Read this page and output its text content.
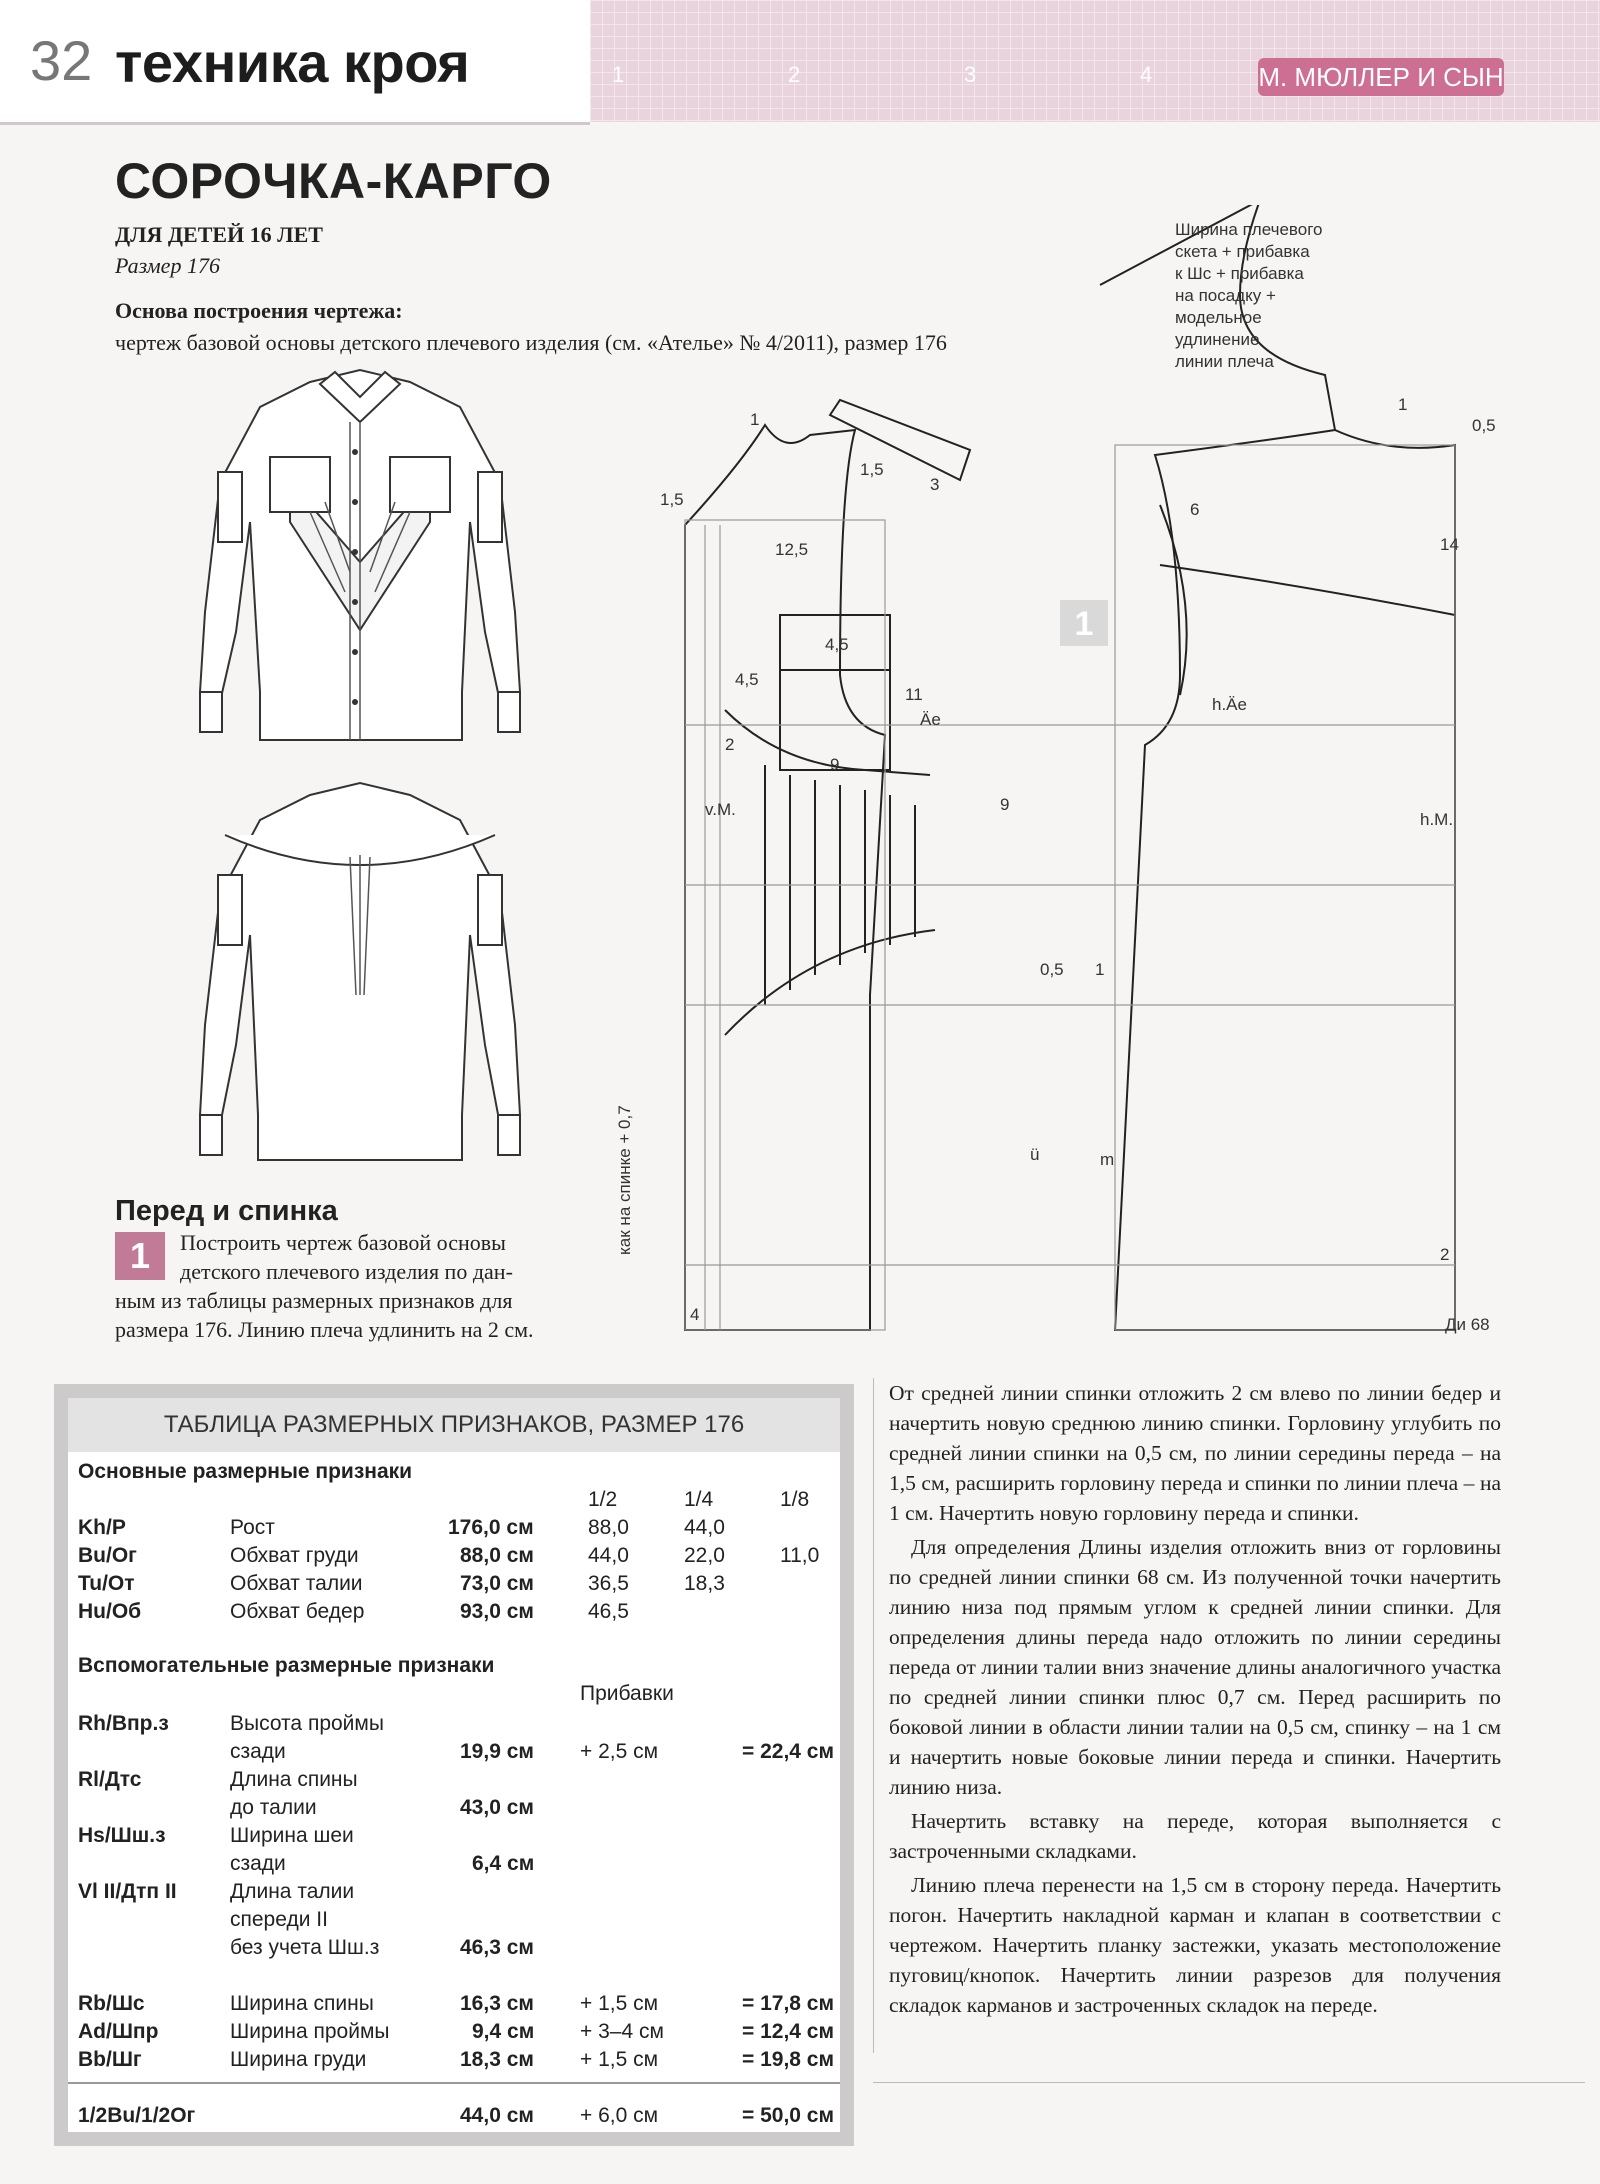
32 техника кроя	1	2	3	4	М. МЮЛЛЕР И СЫН
СОРОЧКА-КАРГО
ДЛЯ ДЕТЕЙ 16 ЛЕТ
Размер 176
Основа построения чертежа:
чертеж базовой основы детского плечевого изделия (см. «Ателье» № 4/2011), размер 176
1
1
1,5
1,5
3
12,5
4,5
4,5
11
9
9
2
Äe
v.M.
0,5 1
h.Äe
h.M.
14
6
1
0,5
ü	m
2
4
Ди 68
как на спинке + 0,7
Ширина плечевого
скета + прибавка
к Шс + прибавка
на посадку +
модельное
удлинение
линии плеча
Перед и спинка
1	Построить чертеж базовой основы
детского плечевого изделия по дан-
ным из таблицы размерных признаков для
размера 176. Линию плеча удлинить на 2 см.
ТАБЛИЦА РАЗМЕРНЫХ ПРИЗНАКОВ, РАЗМЕР 176
Основные размерные признаки
1/2	1/4	1/8
Kh/P	Рост	176,0 см	88,0	44,0
Bu/Ог	Обхват груди	88,0 см	44,0	22,0	11,0
Tu/От	Обхват талии	73,0 см	36,5	18,3
Hu/Об	Обхват бедер	93,0 см	46,5
Вспомогательные размерные признаки
Прибавки
Rh/Впр.з	Высота проймы
сзади	19,9 см + 2,5 см	= 22,4 см
Rl/Дтс	Длина спины
до талии	43,0 см
Hs/Шш.з	Ширина шеи
сзади	6,4 см
Vl II/Дтп II	Длина талии
спереди II
без учета Шш.з	46,3 см
Rb/Шс	Ширина спины	16,3 см + 1,5 см	= 17,8 см
Ad/Шпр	Ширина проймы	9,4 см + 3–4 см	= 12,4 см
Bb/Шг	Ширина груди	18,3 см + 1,5 см	= 19,8 см
1/2Bu/1/2Ог	44,0 см + 6,0 см	= 50,0 см

От средней линии спинки отложить 2 см влево по линии бедер и начертить новую среднюю линию спинки. Горловину углубить по средней линии спинки на 0,5 см, по линии середины переда – на 1,5 см, расширить горловину переда и спинки по линии плеча – на 1 см. Начертить новую горловину переда и спинки.

Для определения Длины изделия отложить вниз от горловины по средней линии спинки 68 см. Из полученной точки начертить линию низа под прямым углом к средней линии спинки. Для определения длины переда надо отложить по линии середины переда от линии талии вниз значение длины аналогичного участка по средней линии спинки плюс 0,7 см. Перед расширить по боковой линии в области линии талии на 0,5 см, спинку – на 1 см и начертить новые боковые линии переда и спинки. Начертить линию низа.

Начертить вставку на переде, которая выполняется с застроченными складками.

Линию плеча перенести на 1,5 см в сторону переда. Начертить погон. Начертить накладной карман и клапан в соответствии с чертежом. Начертить планку застежки, указать местоположение пуговиц/кнопок. Начертить линии разрезов для получения складок карманов и застроченных складок на переде.
